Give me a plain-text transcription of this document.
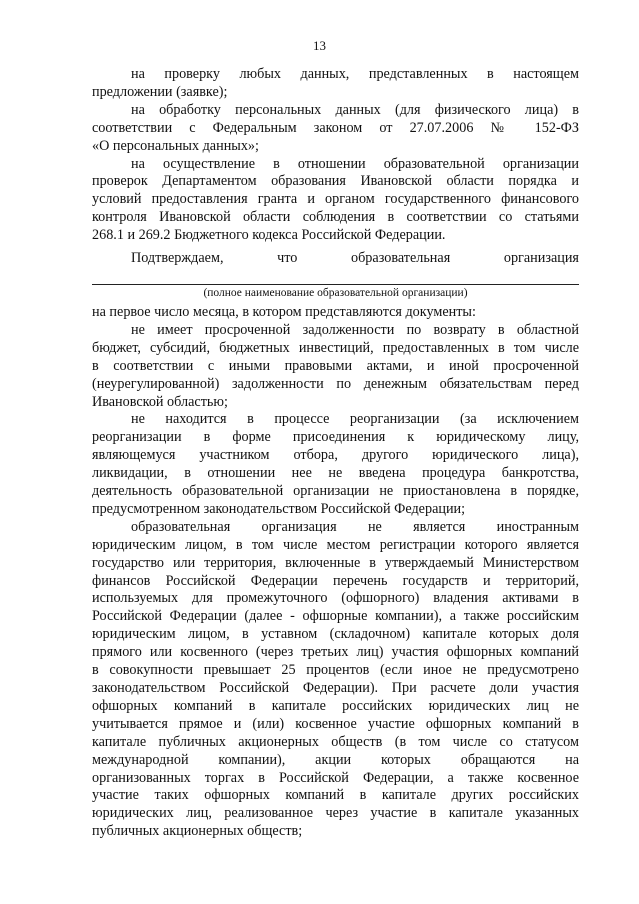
13
на проверку любых данных, представленных в настоящем
предложении (заявке);
на обработку персональных данных (для физического лица) в
соответствии с Федеральным законом от 27.07.2006 № 152-ФЗ
«О персональных данных»;
на осуществление в отношении образовательной организации
проверок Департаментом образования Ивановской области порядка и
условий предоставления гранта и органом государственного финансового
контроля Ивановской области соблюдения в соответствии со статьями
268.1 и 269.2 Бюджетного кодекса Российской Федерации.
Подтверждаем,	что	образовательная	организация
(полное наименование образовательной организации)
на первое число месяца, в котором представляются документы:
не имеет просроченной задолженности по возврату в областной
бюджет, субсидий, бюджетных инвестиций, предоставленных в том числе
в соответствии с иными правовыми актами, и иной просроченной
(неурегулированной) задолженности по денежным обязательствам перед
Ивановской областью;
не находится в процессе реорганизации (за исключением
реорганизации в форме присоединения к юридическому лицу,
являющемуся участником отбора, другого юридического лица),
ликвидации, в отношении нее не введена процедура банкротства,
деятельность образовательной организации не приостановлена в порядке,
предусмотренном законодательством Российской Федерации;
образовательная организация не является иностранным
юридическим лицом, в том числе местом регистрации которого является
государство или территория, включенные в утверждаемый Министерством
финансов Российской Федерации перечень государств и территорий,
используемых для промежуточного (офшорного) владения активами в
Российской Федерации (далее - офшорные компании), а также российским
юридическим лицом, в уставном (складочном) капитале которых доля
прямого или косвенного (через третьих лиц) участия офшорных компаний
в совокупности превышает 25 процентов (если иное не предусмотрено
законодательством Российской Федерации). При расчете доли участия
офшорных компаний в капитале российских юридических лиц не
учитывается прямое и (или) косвенное участие офшорных компаний в
капитале публичных акционерных обществ (в том числе со статусом
международной компании), акции которых обращаются на
организованных торгах в Российской Федерации, а также косвенное
участие таких офшорных компаний в капитале других российских
юридических лиц, реализованное через участие в капитале указанных
публичных акционерных обществ;
